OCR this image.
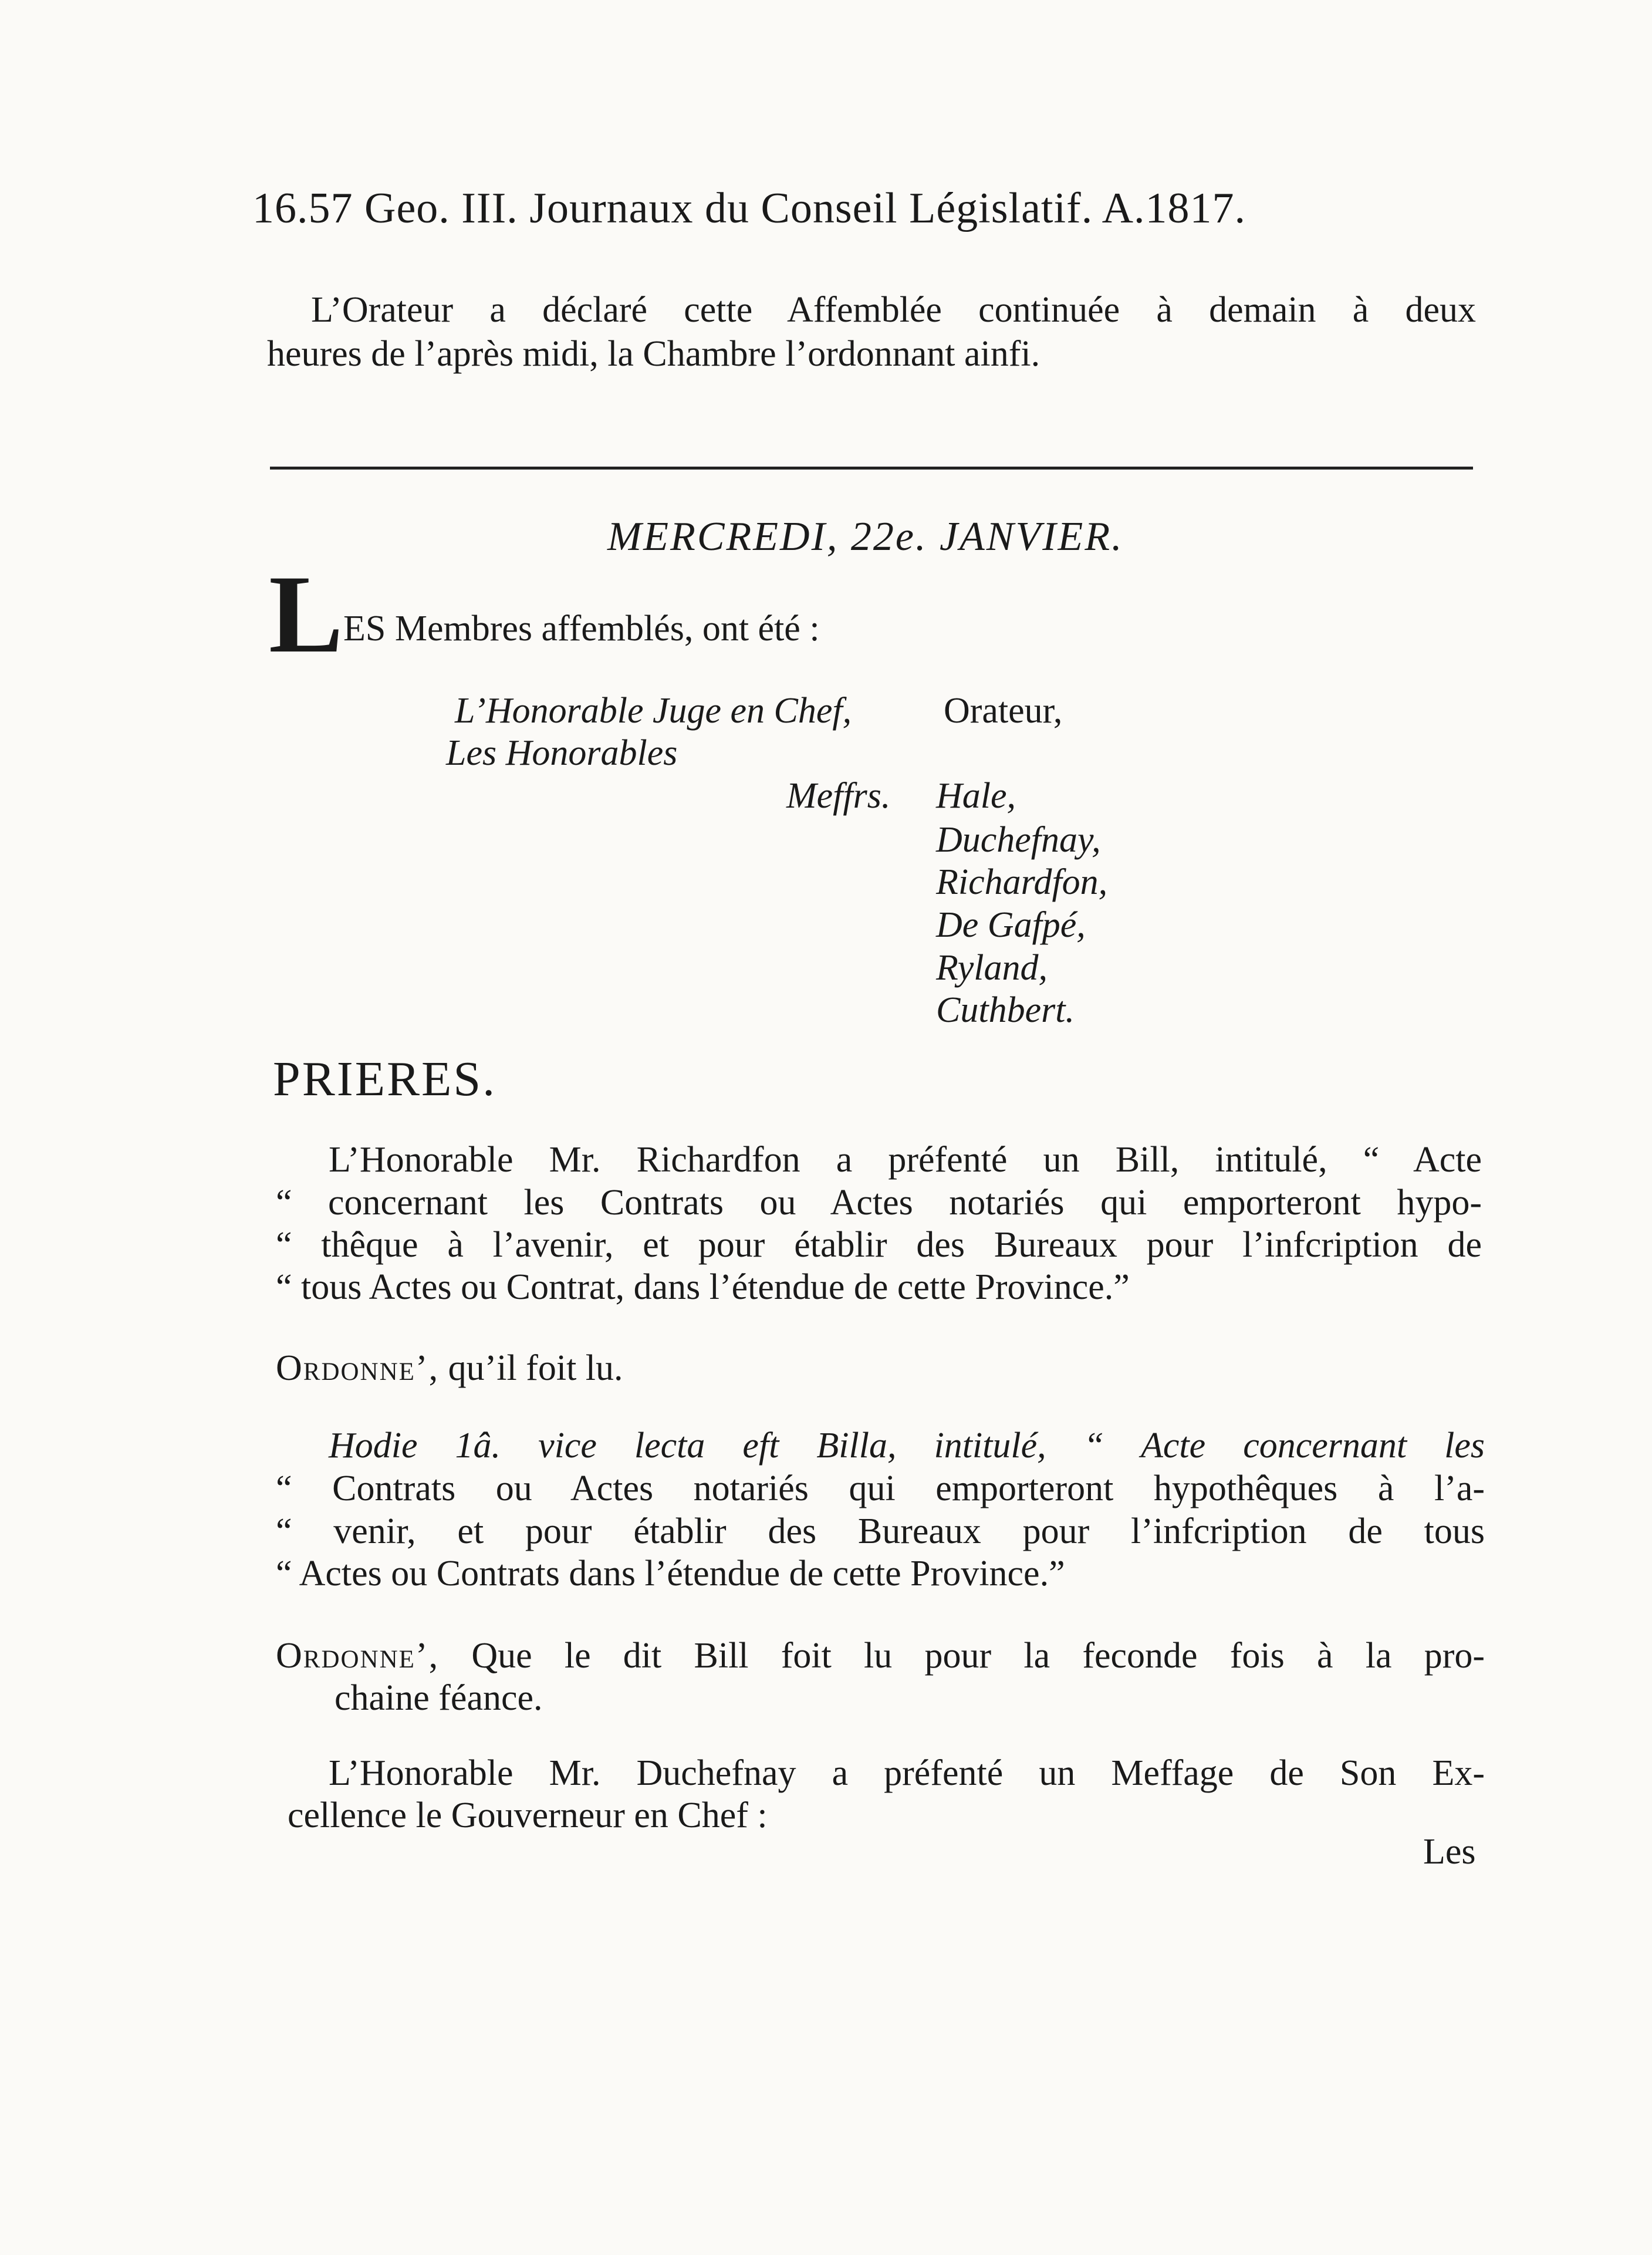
16.57 Geo. III. Journaux du Conseil Législatif. A.1817.
L’Orateur a déclaré cette Affemblée continuée à demain à deux
heures de l’après midi, la Chambre l’ordonnant ainfi.
MERCREDI, 22e. JANVIER.
L ES Membres affemblés, ont été :
L’Honorable Juge en Chef,	Orateur,
Les Honorables
Meffrs. Hale,
Duchefnay,
Richardfon,
De Gafpé,
Ryland,
Cuthbert.
PRIERES.
L’Honorable Mr. Richardfon a préfenté un Bill, intitulé, “ Acte
“ concernant les Contrats ou Actes notariés qui emporteront hypo-
“ thêque à l’avenir, et pour établir des Bureaux pour l’infcription de
“ tous Actes ou Contrat, dans l’étendue de cette Province.”
Ordonne’, qu’il foit lu.
Hodie 1â. vice lecta eft Billa, intitulé, “ Acte concernant les
“ Contrats ou Actes notariés qui emporteront hypothêques à l’a-
“ venir, et pour établir des Bureaux pour l’infcription de tous
“ Actes ou Contrats dans l’étendue de cette Province.”
Ordonne’, Que le dit Bill foit lu pour la feconde fois à la pro-
chaine féance.
L’Honorable Mr. Duchefnay a préfenté un Meffage de Son Ex-
cellence le Gouverneur en Chef :
Les
